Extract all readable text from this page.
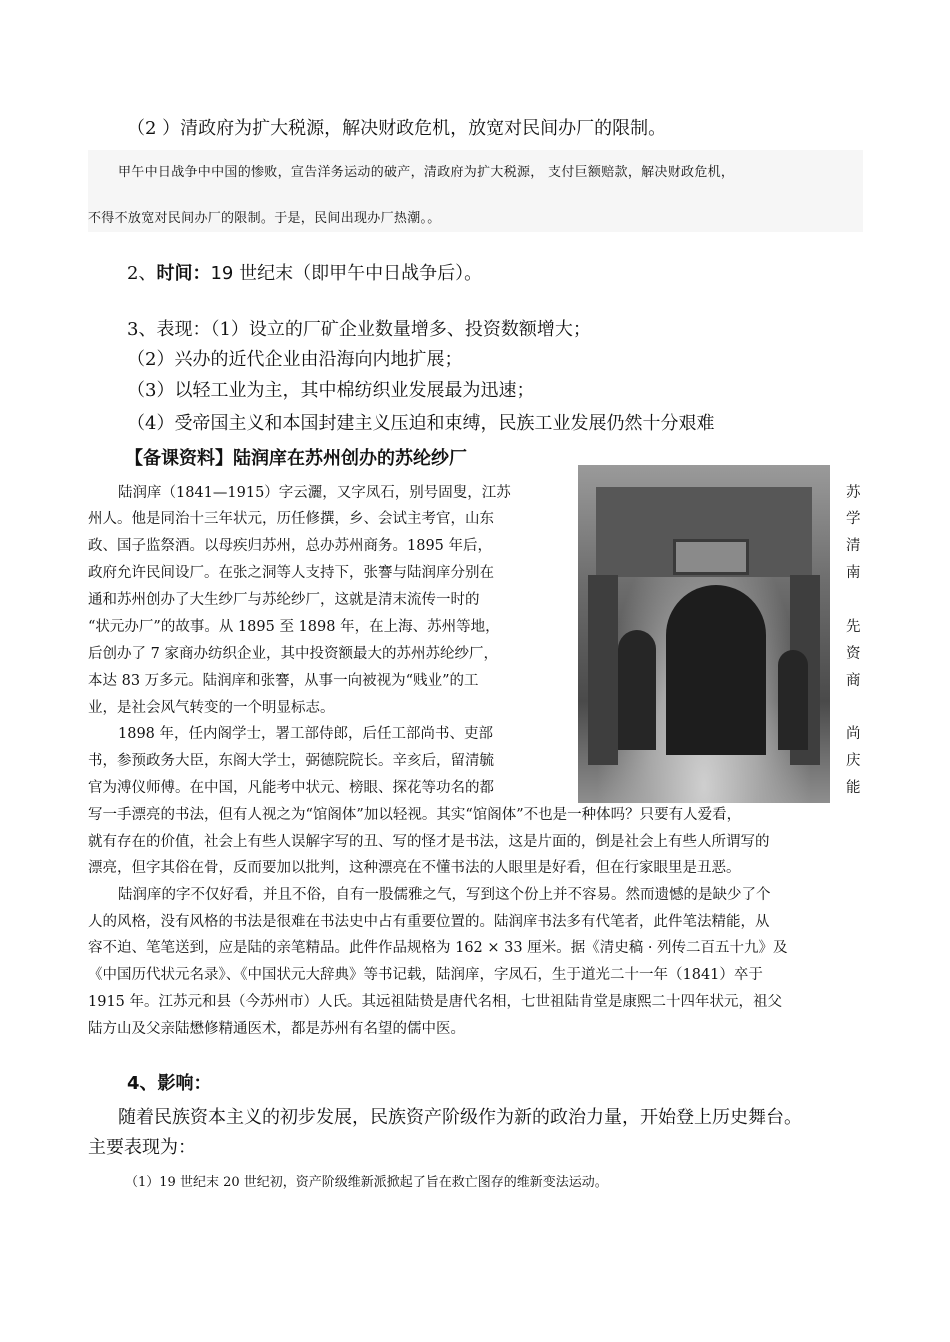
（2 ）清政府为扩大税源，解决财政危机，放宽对民间办厂的限制。
甲午中日战争中中国的惨败，宣告洋务运动的破产，清政府为扩大税源， 支付巨额赔款，解决财政危机，
不得不放宽对民间办厂的限制。于是，民间出现办厂热潮。。
2、时间：19 世纪末（即甲午中日战争后）。
3、表现：（1）设立的厂矿企业数量增多、投资数额增大；
（2）兴办的近代企业由沿海向内地扩展；
（3）以轻工业为主，其中棉纺织业发展最为迅速；
（4）受帝国主义和本国封建主义压迫和束缚，民族工业发展仍然十分艰难
【备课资料】陆润庠在苏州创办的苏纶纱厂
陆润庠（1841—1915）字云灑，又字凤石，别号固叟，江苏
州人。他是同治十三年状元，历任修撰，乡、会试主考官，山东
政、国子监祭酒。以母疾归苏州，总办苏州商务。1895 年后，
政府允许民间设厂。在张之洞等人支持下，张謇与陆润庠分别在
通和苏州创办了大生纱厂与苏纶纱厂，这就是清末流传一时的
“状元办厂”的故事。从 1895 至 1898 年，在上海、苏州等地，
后创办了 7 家商办纺织企业，其中投资额最大的苏州苏纶纱厂，
本达 83 万多元。陆润庠和张謇，从事一向被视为“贱业”的工
业，是社会风气转变的一个明显标志。
1898 年，任内阁学士，署工部侍郎，后任工部尚书、吏部
书，参预政务大臣，东阁大学士，弼德院院长。辛亥后，留清毓
官为溥仪师傅。在中国，凡能考中状元、榜眼、探花等功名的都
苏
学
清
南
先
资
商
尚
庆
能
写一手漂亮的书法，但有人视之为“馆阁体”加以轻视。其实“馆阁体”不也是一种体吗？只要有人爱看，
就有存在的价值，社会上有些人误解字写的丑、写的怪才是书法，这是片面的，倒是社会上有些人所谓写的
漂亮，但字其俗在骨，反而要加以批判，这种漂亮在不懂书法的人眼里是好看，但在行家眼里是丑恶。
陆润庠的字不仅好看，并且不俗，自有一股儒雅之气，写到这个份上并不容易。然而遗憾的是缺少了个
人的风格，没有风格的书法是很难在书法史中占有重要位置的。陆润庠书法多有代笔者，此件笔法精能，从
容不迫、笔笔送到，应是陆的亲笔精品。此件作品规格为 162 × 33 厘米。据《清史稿 · 列传二百五十九》及
《中国历代状元名录》、《中国状元大辞典》等书记载，陆润庠，字凤石，生于道光二十一年（1841）卒于
1915 年。江苏元和县（今苏州市）人氏。其远祖陆贽是唐代名相，七世祖陆肯堂是康熙二十四年状元，祖父
陆方山及父亲陆懋修精通医术，都是苏州有名望的儒中医。
4、影响：
随着民族资本主义的初步发展，民族资产阶级作为新的政治力量，开始登上历史舞台。
主要表现为：
（1）19 世纪末 20 世纪初，资产阶级维新派掀起了旨在救亡图存的维新变法运动。
